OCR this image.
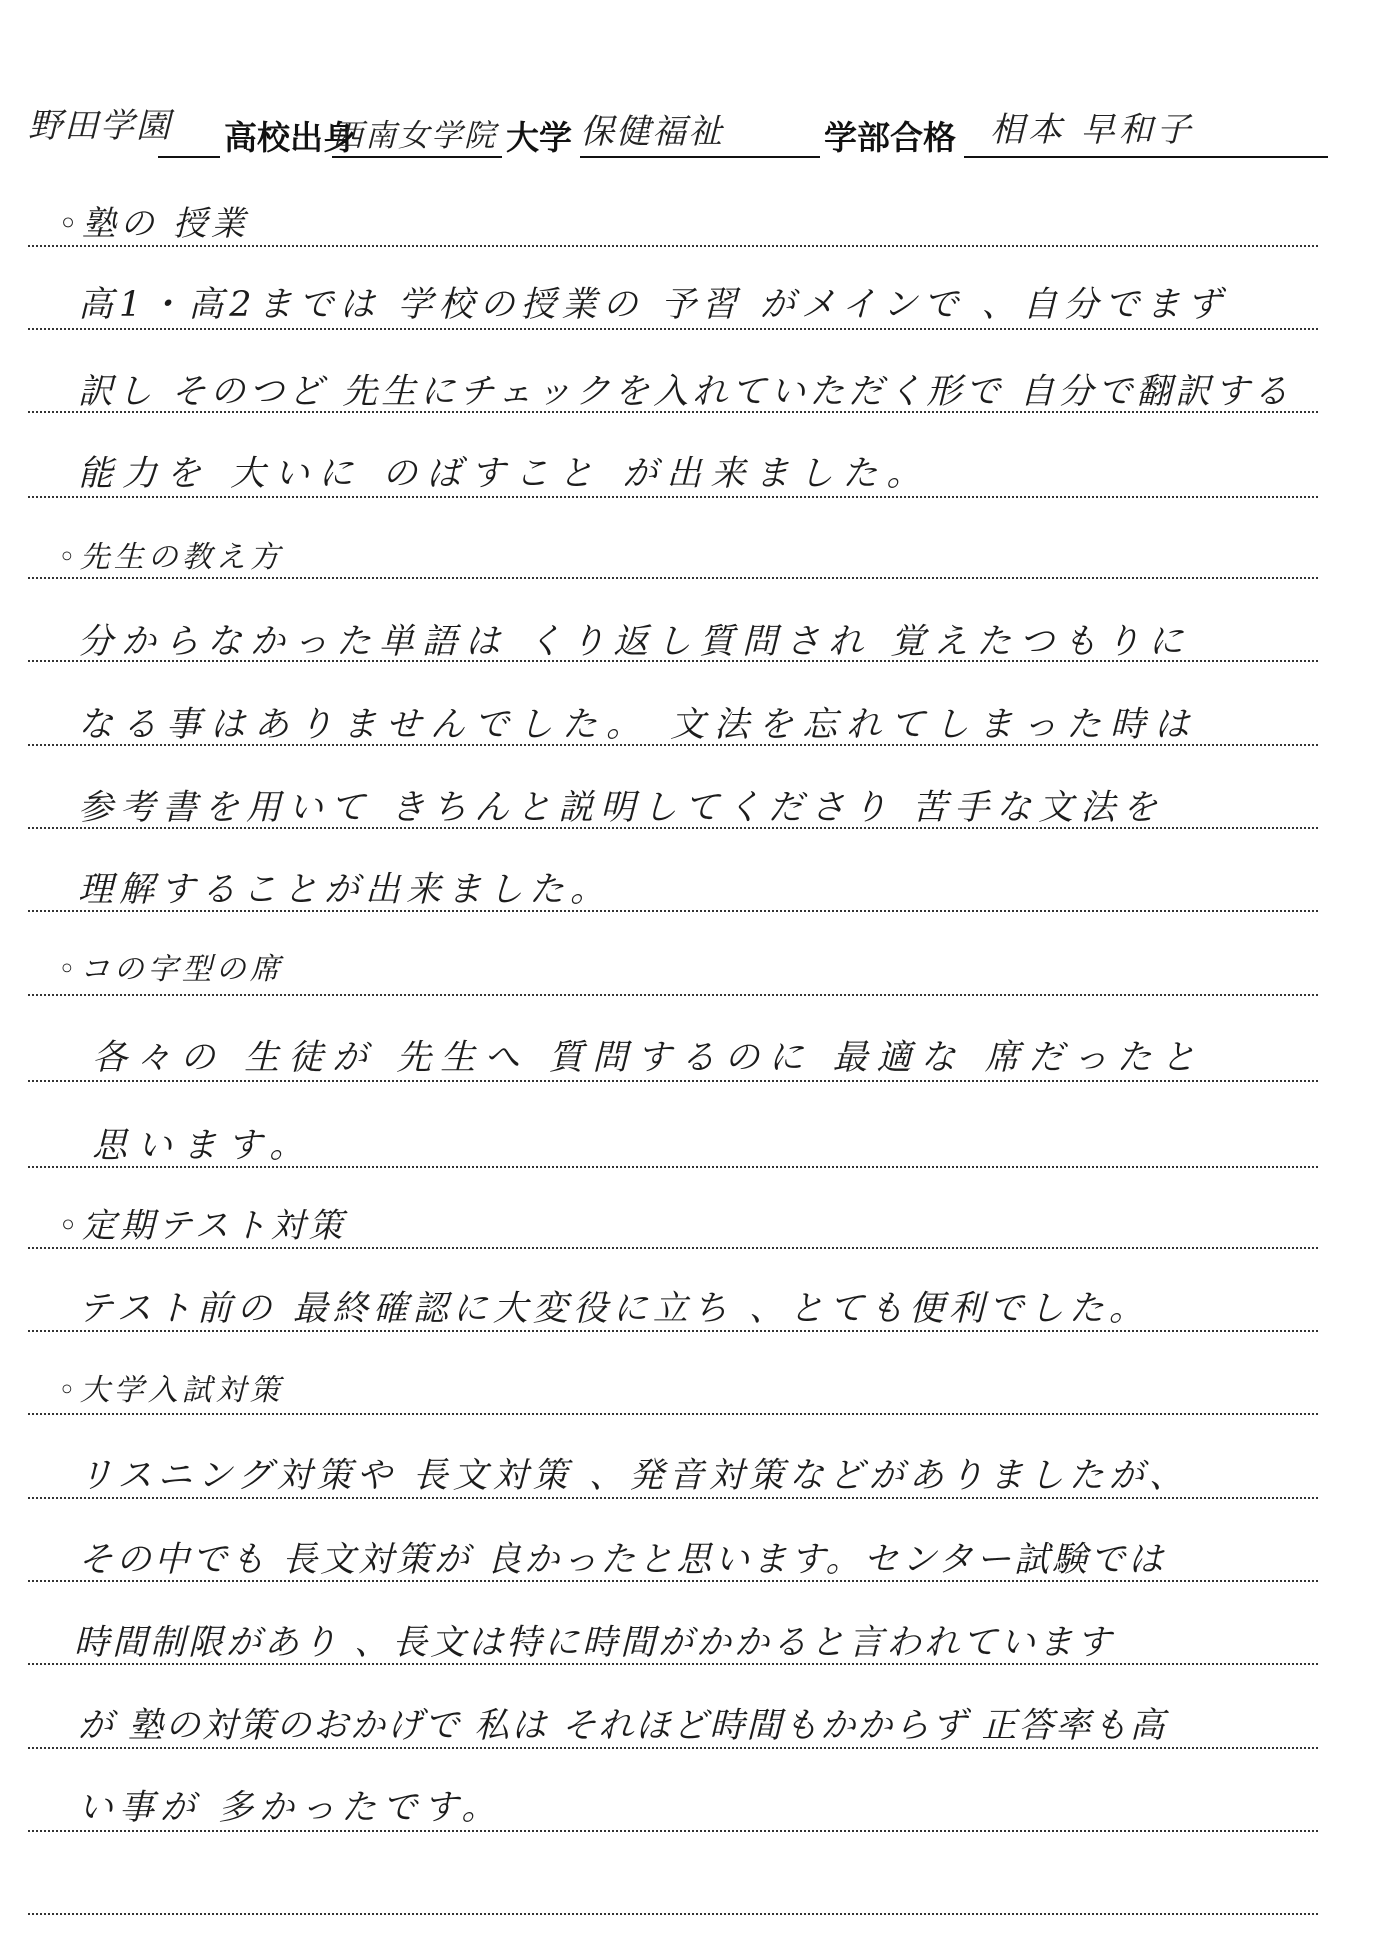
野田学園 高校出身
西南女学院 大学 保健福祉	学部合格 相本 早和子
◦塾の 授業
高1・高2までは 学校の授業の 予習 がメインで 、自分でまず
訳し そのつど 先生にチェックを入れていただく形で 自分で翻訳する
能力を 大いに のばすこと が出来ました。
◦先生の教え方
分からなかった単語は くり返し質問され 覚えたつもりに
なる事はありませんでした。 文法を忘れてしまった時は
参考書を用いて きちんと説明してくださり 苦手な文法を
理解することが出来ました。
◦コの字型の席
各々の 生徒が 先生へ 質問するのに 最適な 席だったと
思います。
◦定期テスト対策
テスト前の 最終確認に大変役に立ち 、とても便利でした。
◦大学入試対策
リスニング対策や 長文対策 、発音対策などがありましたが、
その中でも 長文対策が 良かったと思います。センター試験では
時間制限があり 、長文は特に時間がかかると言われています
が 塾の対策のおかげで 私は それほど時間もかからず 正答率も高
い事が 多かったです。
